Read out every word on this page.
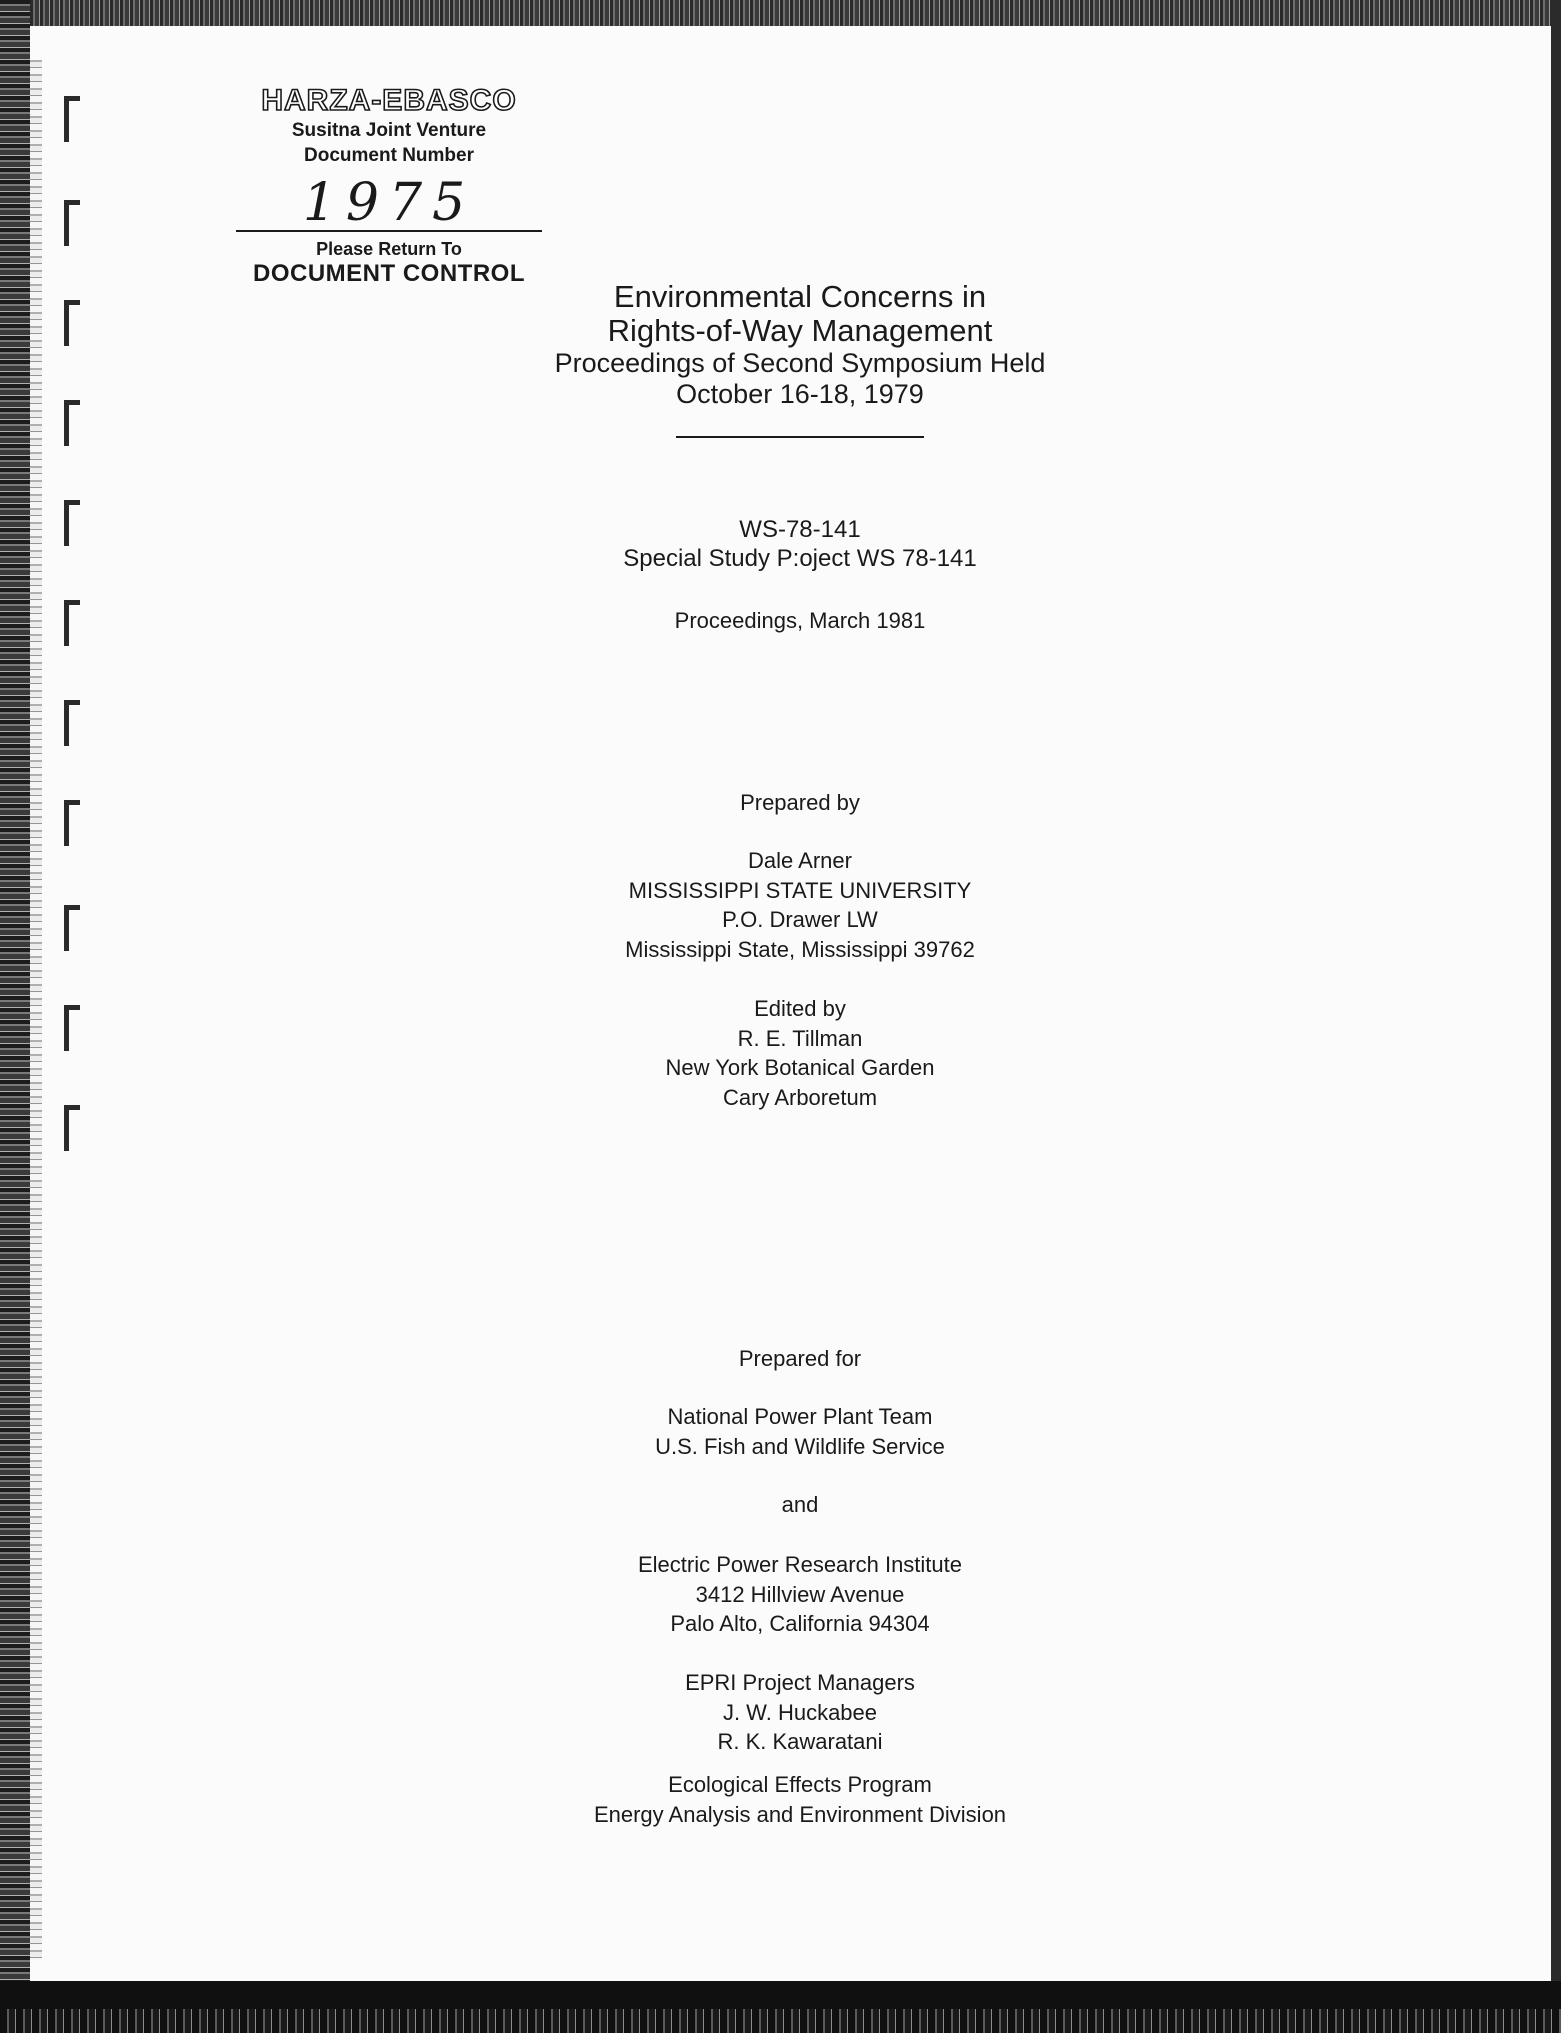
HARZA-EBASCO
Susitna Joint Venture
Document Number
1975
Please Return To
DOCUMENT CONTROL
Environmental Concerns in
Rights-of-Way Management
Proceedings of Second Symposium Held
October 16-18, 1979
WS-78-141
Special Study P:oject WS 78-141
Proceedings, March 1981
Prepared by
Dale Arner
MISSISSIPPI STATE UNIVERSITY
P.O. Drawer LW
Mississippi State, Mississippi 39762
Edited by
R. E. Tillman
New York Botanical Garden
Cary Arboretum
Prepared for
National Power Plant Team
U.S. Fish and Wildlife Service
and
Electric Power Research Institute
3412 Hillview Avenue
Palo Alto, California 94304
EPRI Project Managers
J. W. Huckabee
R. K. Kawaratani
Ecological Effects Program
Energy Analysis and Environment Division
